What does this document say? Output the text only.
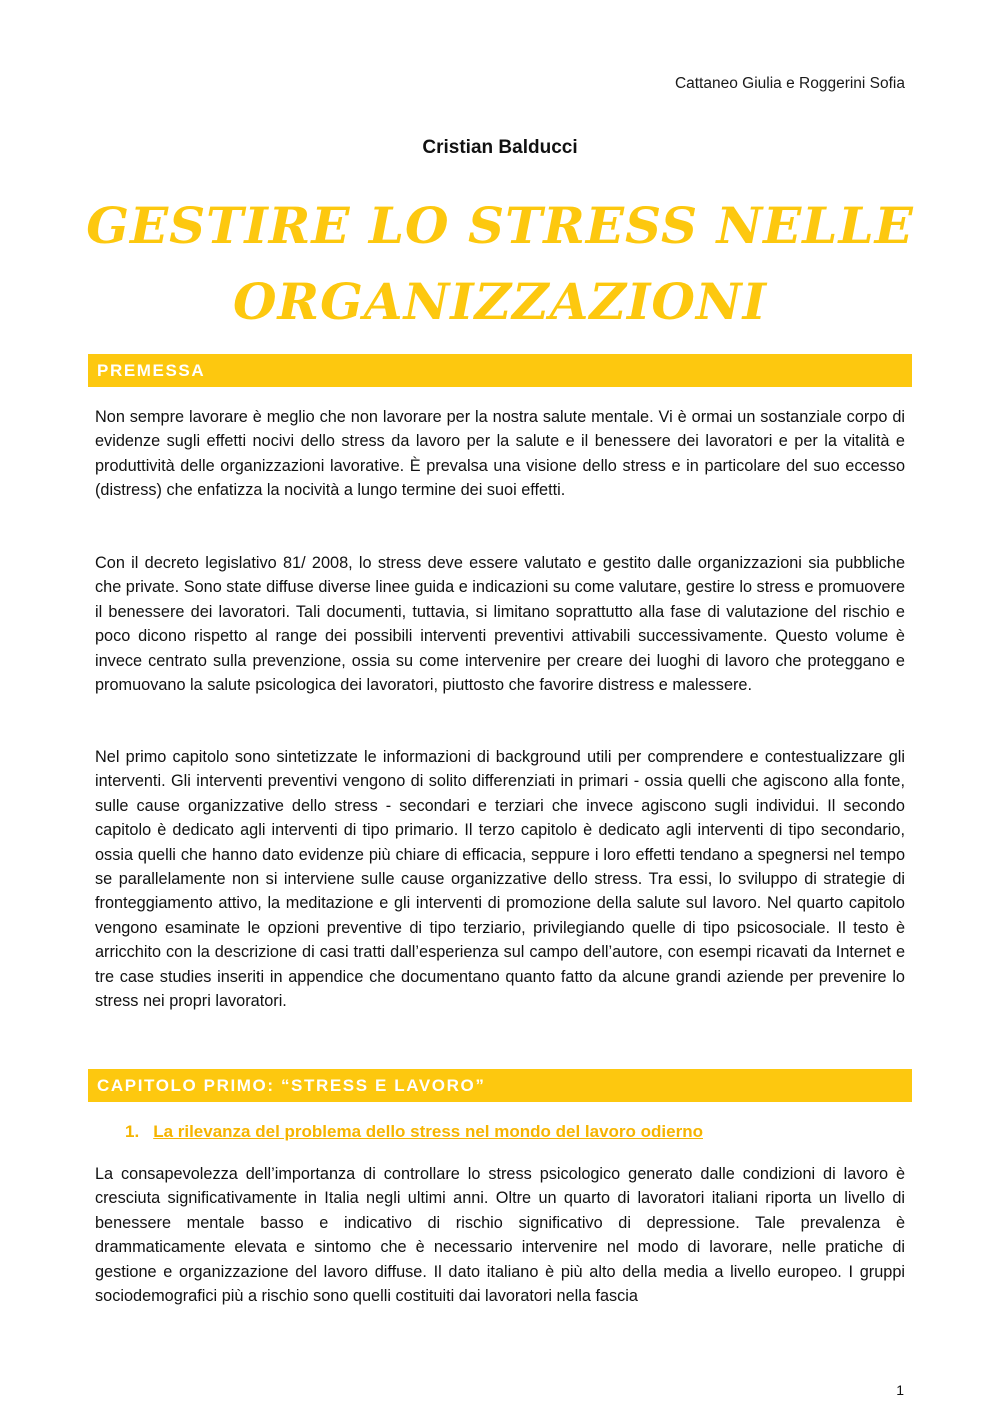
Cattaneo Giulia e Roggerini Sofia
Cristian Balducci
GESTIRE LO STRESS NELLE
ORGANIZZAZIONI
PREMESSA

Non sempre lavorare è meglio che non lavorare per la nostra salute mentale. Vi è ormai un sostanziale corpo di evidenze sugli effetti nocivi dello stress da lavoro per la salute e il benessere dei lavoratori e per la vitalità e produttività delle organizzazioni lavorative. È prevalsa una visione dello stress e in particolare del suo eccesso (distress) che enfatizza la nocività a lungo termine dei suoi effetti.

Con il decreto legislativo 81/ 2008, lo stress deve essere valutato e gestito dalle organizzazioni sia pubbliche che private. Sono state diffuse diverse linee guida e indicazioni su come valutare, gestire lo stress e promuovere il benessere dei lavoratori. Tali documenti, tuttavia, si limitano soprattutto alla fase di valutazione del rischio e poco dicono rispetto al range dei possibili interventi preventivi attivabili successivamente. Questo volume è invece centrato sulla prevenzione, ossia su come intervenire per creare dei luoghi di lavoro che proteggano e promuovano la salute psicologica dei lavoratori, piuttosto che favorire distress e malessere.

Nel primo capitolo sono sintetizzate le informazioni di background utili per comprendere e contestualizzare gli interventi. Gli interventi preventivi vengono di solito differenziati in primari - ossia quelli che agiscono alla fonte, sulle cause organizzative dello stress - secondari e terziari che invece agiscono sugli individui. Il secondo capitolo è dedicato agli interventi di tipo primario. Il terzo capitolo è dedicato agli interventi di tipo secondario, ossia quelli che hanno dato evidenze più chiare di efficacia, seppure i loro effetti tendano a spegnersi nel tempo se parallelamente non si interviene sulle cause organizzative dello stress. Tra essi, lo sviluppo di strategie di fronteggiamento attivo, la meditazione e gli interventi di promozione della salute sul lavoro. Nel quarto capitolo vengono esaminate le opzioni preventive di tipo terziario, privilegiando quelle di tipo psicosociale. Il testo è arricchito con la descrizione di casi tratti dall’esperienza sul campo dell’autore, con esempi ricavati da Internet e tre case studies inseriti in appendice che documentano quanto fatto da alcune grandi aziende per prevenire lo stress nei propri lavoratori.

CAPITOLO PRIMO: “STRESS E LAVORO”
1. La rilevanza del problema dello stress nel mondo del lavoro odierno

La consapevolezza dell’importanza di controllare lo stress psicologico generato dalle condizioni di lavoro è cresciuta significativamente in Italia negli ultimi anni. Oltre un quarto di lavoratori italiani riporta un livello di benessere mentale basso e indicativo di rischio significativo di depressione. Tale prevalenza è drammaticamente elevata e sintomo che è necessario intervenire nel modo di lavorare, nelle pratiche di gestione e organizzazione del lavoro diffuse. Il dato italiano è più alto della media a livello europeo. I gruppi sociodemografici più a rischio sono quelli costituiti dai lavoratori nella fascia

1
